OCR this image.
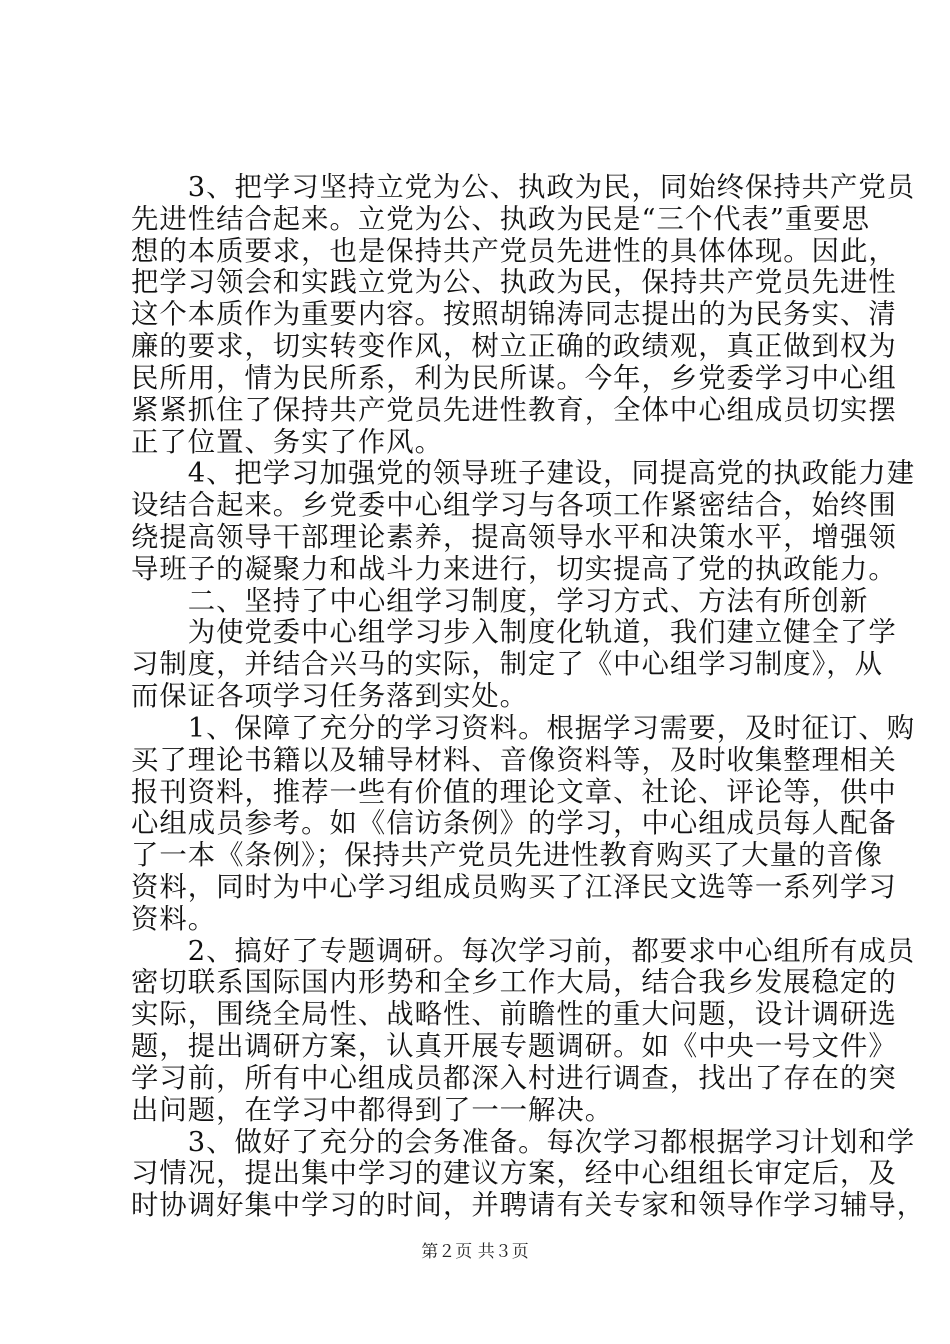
　　3、把学习坚持立党为公、执政为民，同始终保持共产党员
先进性结合起来。立党为公、执政为民是“三个代表”重要思
想的本质要求，也是保持共产党员先进性的具体体现。因此，
把学习领会和实践立党为公、执政为民，保持共产党员先进性
这个本质作为重要内容。按照胡锦涛同志提出的为民务实、清
廉的要求，切实转变作风，树立正确的政绩观，真正做到权为
民所用，情为民所系，利为民所谋。今年，乡党委学习中心组
紧紧抓住了保持共产党员先进性教育，全体中心组成员切实摆
正了位置、务实了作风。
　　4、把学习加强党的领导班子建设，同提高党的执政能力建
设结合起来。乡党委中心组学习与各项工作紧密结合，始终围
绕提高领导干部理论素养，提高领导水平和决策水平，增强领
导班子的凝聚力和战斗力来进行，切实提高了党的执政能力。
　　二、坚持了中心组学习制度，学习方式、方法有所创新
　　为使党委中心组学习步入制度化轨道，我们建立健全了学
习制度，并结合兴马的实际，制定了《中心组学习制度》，从
而保证各项学习任务落到实处。
　　1、保障了充分的学习资料。根据学习需要，及时征订、购
买了理论书籍以及辅导材料、音像资料等，及时收集整理相关
报刊资料，推荐一些有价值的理论文章、社论、评论等，供中
心组成员参考。如《信访条例》的学习，中心组成员每人配备
了一本《条例》；保持共产党员先进性教育购买了大量的音像
资料，同时为中心学习组成员购买了江泽民文选等一系列学习
资料。
　　2、搞好了专题调研。每次学习前，都要求中心组所有成员
密切联系国际国内形势和全乡工作大局，结合我乡发展稳定的
实际，围绕全局性、战略性、前瞻性的重大问题，设计调研选
题，提出调研方案，认真开展专题调研。如《中央一号文件》
学习前，所有中心组成员都深入村进行调查，找出了存在的突
出问题，在学习中都得到了一一解决。
　　3、做好了充分的会务准备。每次学习都根据学习计划和学
习情况，提出集中学习的建议方案，经中心组组长审定后，及
时协调好集中学习的时间，并聘请有关专家和领导作学习辅导，
第２页 共３页
